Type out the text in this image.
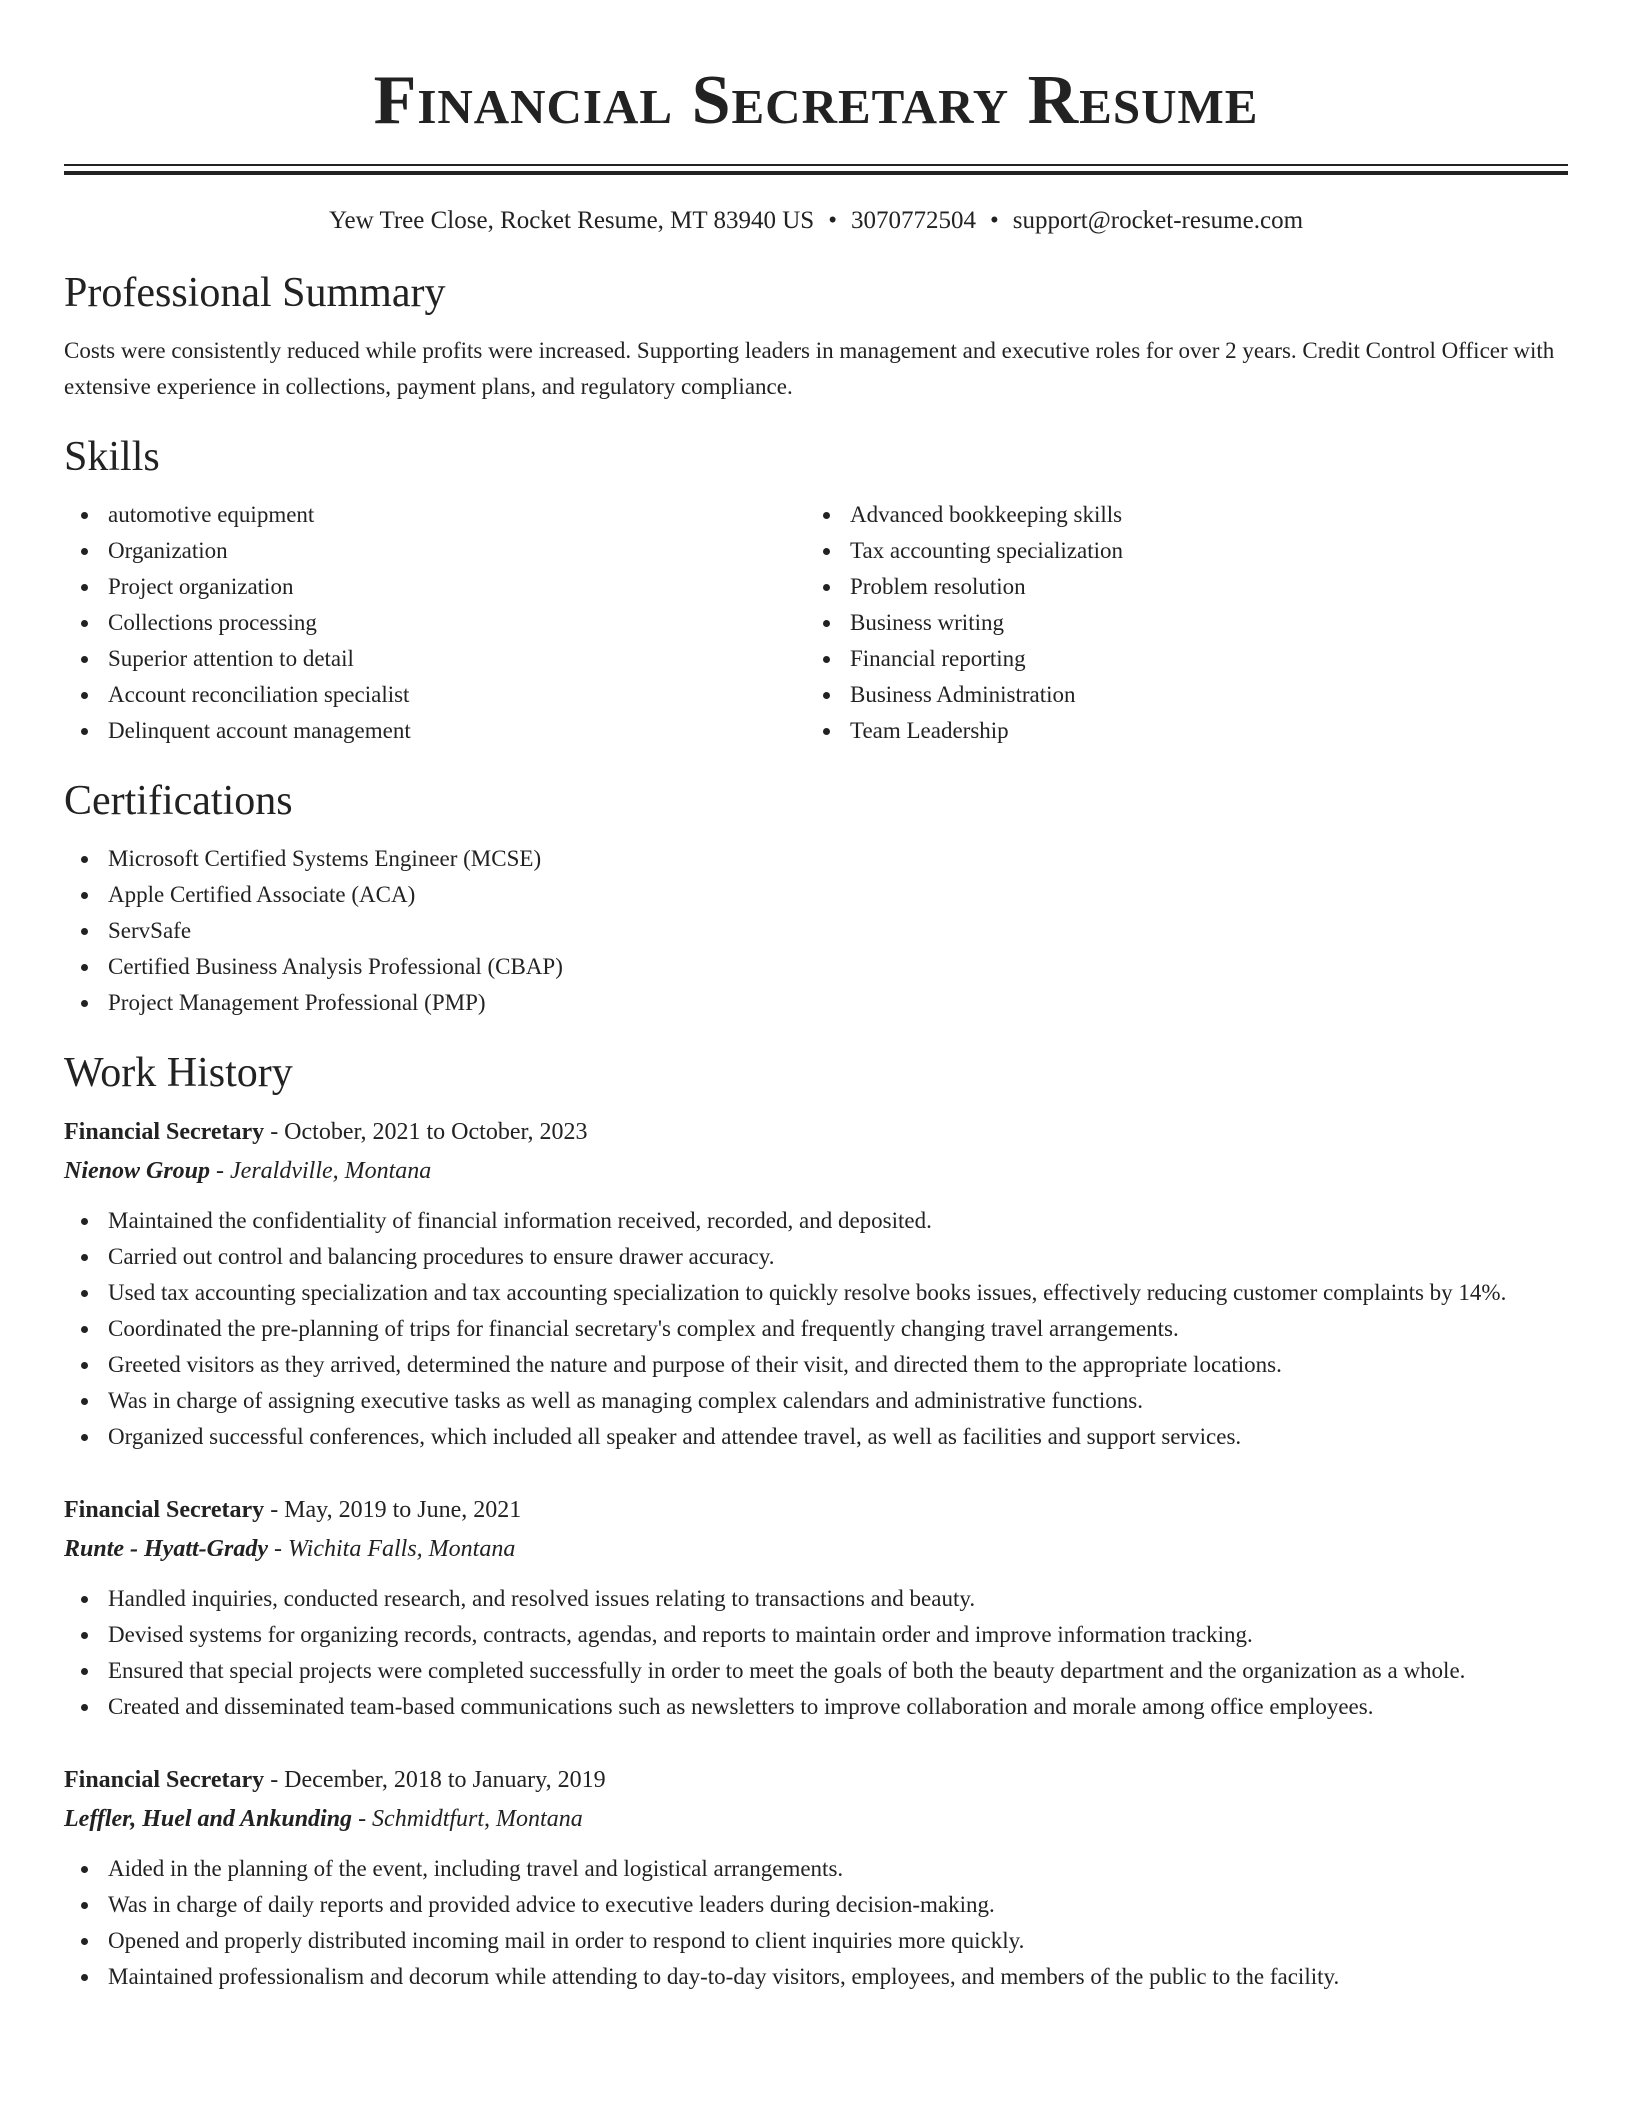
Financial Secretary Resume
Yew Tree Close, Rocket Resume, MT 83940 US • 3070772504 • support@rocket-resume.com
Professional Summary

Costs were consistently reduced while profits were increased. Supporting leaders in management and executive roles for over 2 years. Credit Control Officer with extensive experience in collections, payment plans, and regulatory compliance.

Skills
automotive equipment
Organization
Project organization
Collections processing
Superior attention to detail
Account reconciliation specialist
Delinquent account management
Advanced bookkeeping skills
Tax accounting specialization
Problem resolution
Business writing
Financial reporting
Business Administration
Team Leadership
Certifications
Microsoft Certified Systems Engineer (MCSE)
Apple Certified Associate (ACA)
ServSafe
Certified Business Analysis Professional (CBAP)
Project Management Professional (PMP)
Work History
Financial Secretary - October, 2021 to October, 2023
Nienow Group - Jeraldville, Montana
Maintained the confidentiality of financial information received, recorded, and deposited.
Carried out control and balancing procedures to ensure drawer accuracy.
Used tax accounting specialization and tax accounting specialization to quickly resolve books issues, effectively reducing customer complaints by 14%.
Coordinated the pre-planning of trips for financial secretary's complex and frequently changing travel arrangements.
Greeted visitors as they arrived, determined the nature and purpose of their visit, and directed them to the appropriate locations.
Was in charge of assigning executive tasks as well as managing complex calendars and administrative functions.
Organized successful conferences, which included all speaker and attendee travel, as well as facilities and support services.
Financial Secretary - May, 2019 to June, 2021
Runte - Hyatt-Grady - Wichita Falls, Montana
Handled inquiries, conducted research, and resolved issues relating to transactions and beauty.
Devised systems for organizing records, contracts, agendas, and reports to maintain order and improve information tracking.
Ensured that special projects were completed successfully in order to meet the goals of both the beauty department and the organization as a whole.
Created and disseminated team-based communications such as newsletters to improve collaboration and morale among office employees.
Financial Secretary - December, 2018 to January, 2019
Leffler, Huel and Ankunding - Schmidtfurt, Montana
Aided in the planning of the event, including travel and logistical arrangements.
Was in charge of daily reports and provided advice to executive leaders during decision-making.
Opened and properly distributed incoming mail in order to respond to client inquiries more quickly.
Maintained professionalism and decorum while attending to day-to-day visitors, employees, and members of the public to the facility.
